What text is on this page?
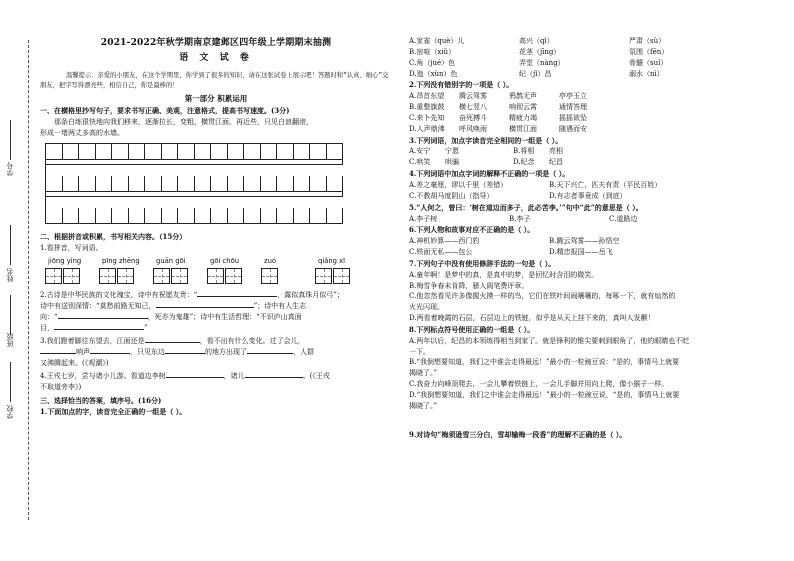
学号
姓名
班级
学校
2021-2022年秋学期南京建邺区四年级上学期期末抽测
语 文 试 卷
温馨提示：亲爱的小朋友，在这个学期里，你学到了很多的知识，请在这张试卷上展示吧！答题时和“认真、细心”交朋友，把字写得漂亮些，相信自己，你是最棒的！
第一部分 积累运用
一、在横格里抄写句子，要求书写正确、美观，注意格式，提高书写速度。(3分)
那条白练很快地向我们移来，逐渐拉长，变粗，横贯江面。再近些，只见白浪翻滚，
形成一堵两丈多高的水墙。
二、根据拼音或积累，书写相关内容。（15分）
1.看拼音，写词语。
jiōng yìng	pīng zhēng	guān gōi	gōi chōu	zuó	qiǎng xī
2.古诗是中华民族的文化瑰宝，诗中有祝愿友贵：“	，露似真珠月似弓”；
诗中有送别深情：“莫愁前路无知己，	”；诗中有人生志
向：“	，死亦为鬼雄”；诗中有生活哲理：“不识庐山真面
目，	”
3.我们蹬着脚往东望去，江面还是	，看不出有什么变化。过了会儿，
响声	，只见东边	的地方出现了	，人群
又沸腾起来。(《观潮》)
4.王戎七岁，尝与诸小儿游。看道边李树	，诸儿	。(《王戎
不取道旁李》)
三、选择恰当的答案，填序号。(16分)
1.下面加点的字，读音完全正确的一组是（ ）。
A.家雀（què）儿	高兴（qì）	严肃（sù）
B.宿喧（xiǔ）	花茎（jīng）	氛围（fēn）
C.角（jué）色	弄堂（nàng）	骨髓（suí）
D.迤（xùn）色	纪（jǐ）昌	溺水（nì）
2.下列没有错别字的一项是（ ）。
A.昂首东望	腾云驾雾	鸦鹊无声	亭亭玉立
B.重整旗鼓	横七竖八	响彻云霄	通情答理
C.来卜先知	奋死搏斗	精疲力竭	摇摇欲坠
D.人声鼎沸	呼风唤雨	横贯江面	随遇而安
3.下列词语，加点字读音完全相同的一组是（ ）。
A.安宁	宁愿	B.将相	亮相
C.哄笑	哄骗	D.纪念	纪昌
4.下列词语中加点字词的解释不正确的一项是（ ）。
A.差之毫厘，谬以千里（差错）	B.天下兴亡，匹夫有责（平民百姓）
C.不教胡马度阴山（指导）	D.有志者事竟成（到底）
5.“人何之，曾曰：‘树在道边而多子，此必苦李。’”句中“此”的意思是（ ）。
A.李子树	B.李子	C.道路边
6.下列人物和故事对应不正确的是（ ）。
A.神机妙算——西门豹	B.腾云驾雾——孙悟空
C.铁面无私——包公	D.精忠报国——岳飞
7.下列句子中没有使用修辞手法的一句是（ ）。
A.童年啊！是梦中的真，是真中的梦，是回忆时含泪的微笑。
B.梅雪争春未肯降，骚人阁笔费评章。
C.他忽然看见许多像握火摸一样的鸟，它们在铁叶间闹嚷嚷的，每啄一下，就有灿然的
火光闪现。
D.两看着晚霞的石层，石层边上的铁链，似乎是从天上挂下来的，真叫人发颤！
8.下列标点符号使用正确的一组是（ ）。
A.两年以后，纪昌的本领练得相当到家了。就是锋利的锥尖要刺到眼角了，他的眼睛也不眨
一下。
B.“我倒想要知道，我们之中谁会走得最远！”最小的一粒豌豆说：“是的，事情马上就要
揭晓了。”
C.我奋力向峰顶爬去，一会儿攀着铁链上，一会儿手脚并用向上爬，像小猴子一样。
D.“我倒想要知道，我们之中谁会走得最远！”最小的一粒豌豆说，“是的，事情马上就要
揭晓了。”
9.对诗句“梅须逊雪三分白，雪却输梅一段香”的理解不正确的是（ ）。
